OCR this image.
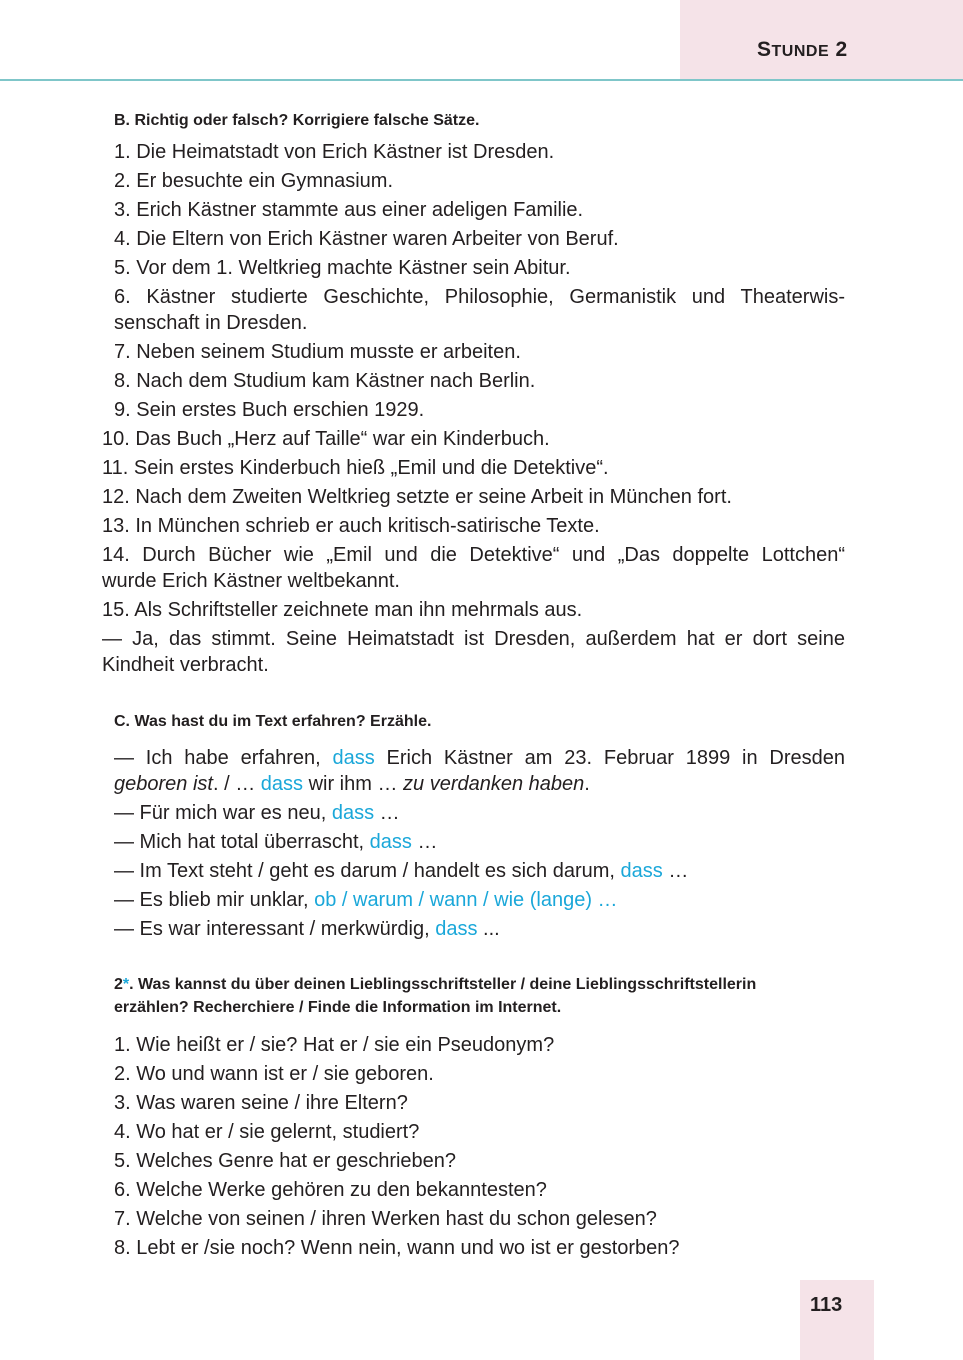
STUNDE 2
B. Richtig oder falsch? Korrigiere falsche Sätze.
1. Die Heimatstadt von Erich Kästner ist Dresden.
2. Er besuchte ein Gymnasium.
3. Erich Kästner stammte aus einer adeligen Familie.
4. Die Eltern von Erich Kästner waren Arbeiter von Beruf.
5. Vor dem 1. Weltkrieg machte Kästner sein Abitur.
6. Kästner studierte Geschichte, Philosophie, Germanistik und Theaterwis-
senschaft in Dresden.
7. Neben seinem Studium musste er arbeiten.
8. Nach dem Studium kam Kästner nach Berlin.
9. Sein erstes Buch erschien 1929.
10. Das Buch „Herz auf Taille“ war ein Kinderbuch.
11. Sein erstes Kinderbuch hieß „Emil und die Detektive“.
12. Nach dem Zweiten Weltkrieg setzte er seine Arbeit in München fort.
13. In München schrieb er auch kritisch-satirische Texte.
14. Durch Bücher wie „Emil und die Detektive“ und „Das doppelte Lottchen“
wurde Erich Kästner weltbekannt.
15. Als Schriftsteller zeichnete man ihn mehrmals aus.
— Ja, das stimmt. Seine Heimatstadt ist Dresden, außerdem hat er dort seine
Kindheit verbracht.
C. Was hast du im Text erfahren? Erzähle.
— Ich habe erfahren, dass Erich Kästner am 23. Februar 1899 in Dresden
geboren ist. / … dass wir ihm … zu verdanken haben.
— Für mich war es neu, dass …
— Mich hat total überrascht, dass …
— Im Text steht / geht es darum / handelt es sich darum, dass …
— Es blieb mir unklar, ob / warum / wann / wie (lange) …
— Es war interessant / merkwürdig, dass ...
2*. Was kannst du über deinen Lieblingsschriftsteller / deine Lieblingsschriftstellerin
erzählen? Recherchiere / Finde die Information im Internet.
1. Wie heißt er / sie? Hat er / sie ein Pseudonym?
2. Wo und wann ist er / sie geboren.
3. Was waren seine / ihre Eltern?
4. Wo hat er / sie gelernt, studiert?
5. Welches Genre hat er geschrieben?
6. Welche Werke gehören zu den bekanntesten?
7. Welche von seinen / ihren Werken hast du schon gelesen?
8. Lebt er /sie noch? Wenn nein, wann und wo ist er gestorben?
113
